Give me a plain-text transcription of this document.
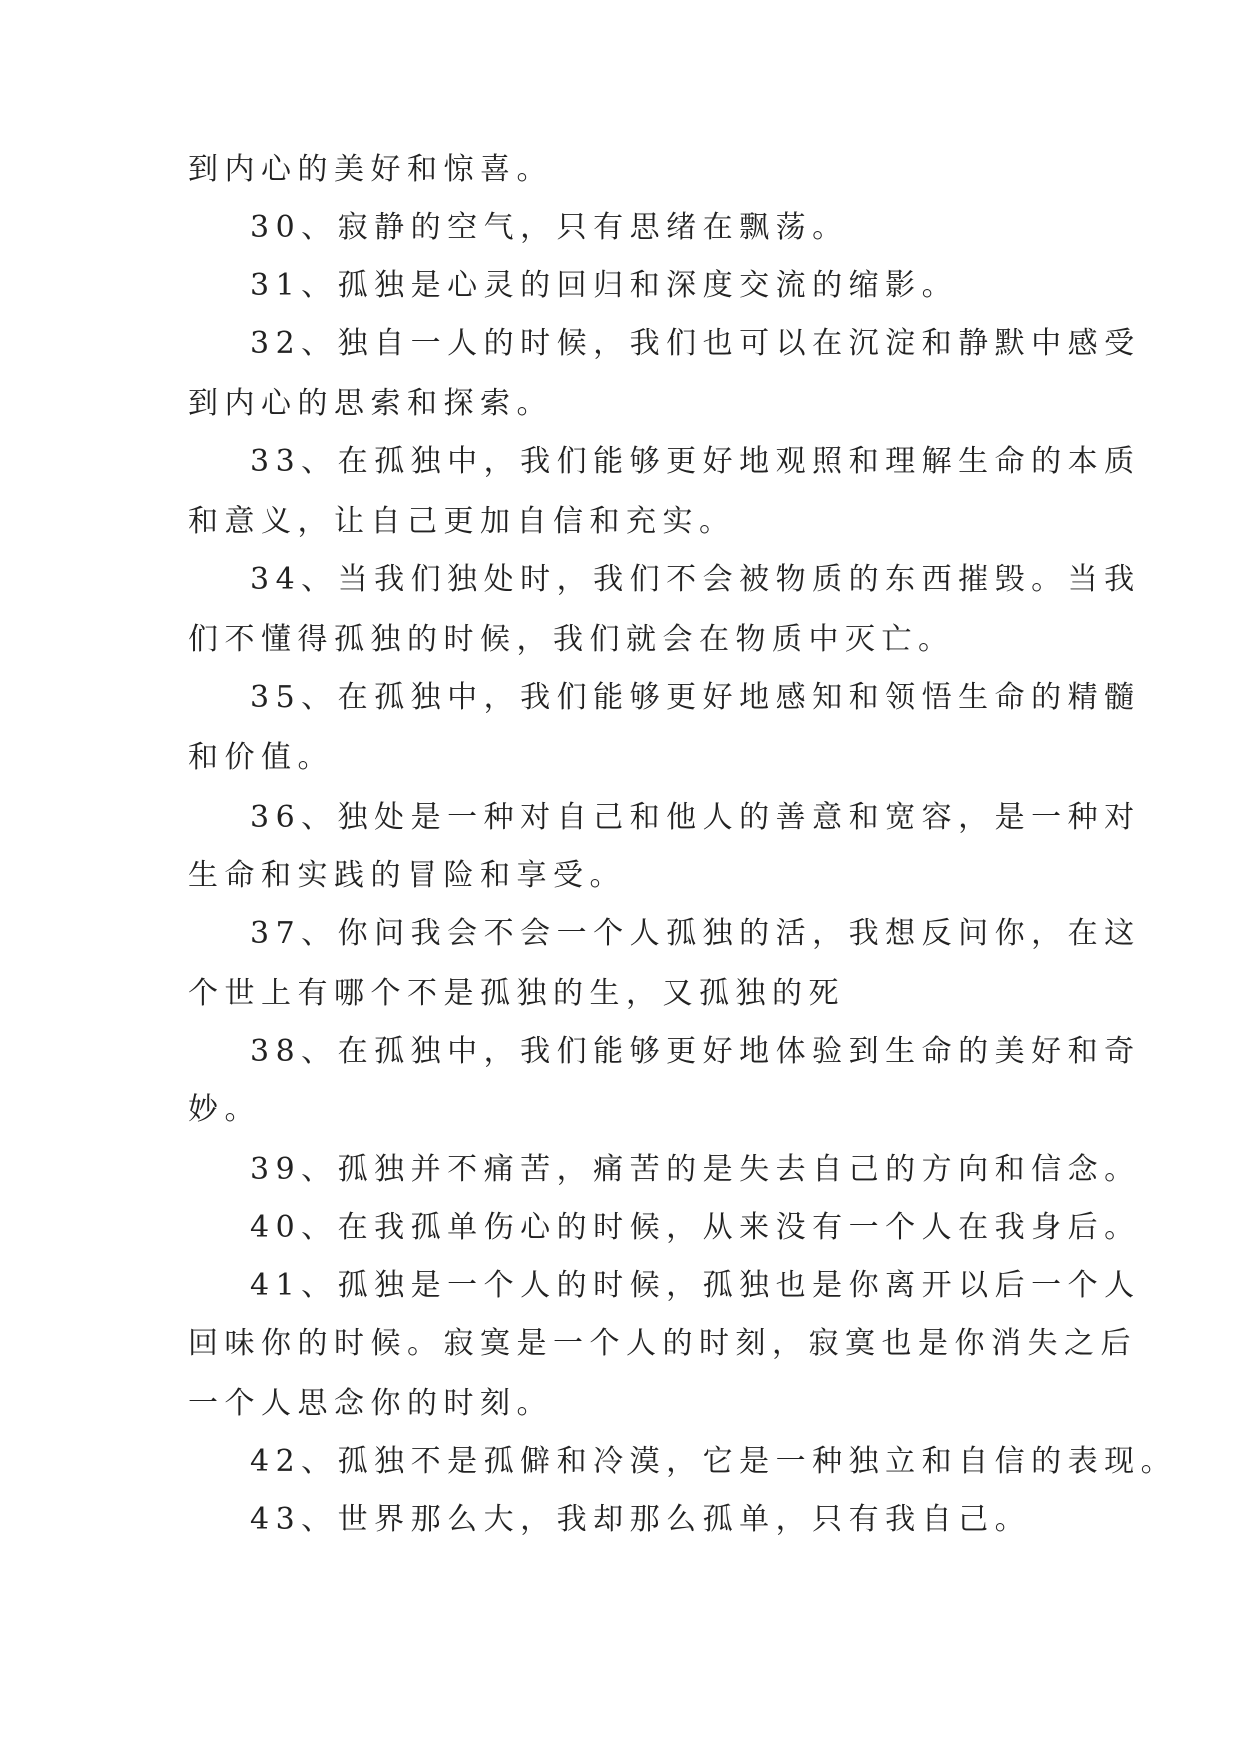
到内心的美好和惊喜。

30、寂静的空气，只有思绪在飘荡。

31、孤独是心灵的回归和深度交流的缩影。

32、独自一人的时候，我们也可以在沉淀和静默中感受

到内心的思索和探索。

33、在孤独中，我们能够更好地观照和理解生命的本质

和意义，让自己更加自信和充实。

34、当我们独处时，我们不会被物质的东西摧毁。当我

们不懂得孤独的时候，我们就会在物质中灭亡。

35、在孤独中，我们能够更好地感知和领悟生命的精髓

和价值。

36、独处是一种对自己和他人的善意和宽容，是一种对

生命和实践的冒险和享受。

37、你问我会不会一个人孤独的活，我想反问你，在这

个世上有哪个不是孤独的生，又孤独的死

38、在孤独中，我们能够更好地体验到生命的美好和奇

妙。

39、孤独并不痛苦，痛苦的是失去自己的方向和信念。

40、在我孤单伤心的时候，从来没有一个人在我身后。

41、孤独是一个人的时候，孤独也是你离开以后一个人

回味你的时候。寂寞是一个人的时刻，寂寞也是你消失之后

一个人思念你的时刻。

42、孤独不是孤僻和冷漠，它是一种独立和自信的表现。

43、世界那么大，我却那么孤单，只有我自己。
